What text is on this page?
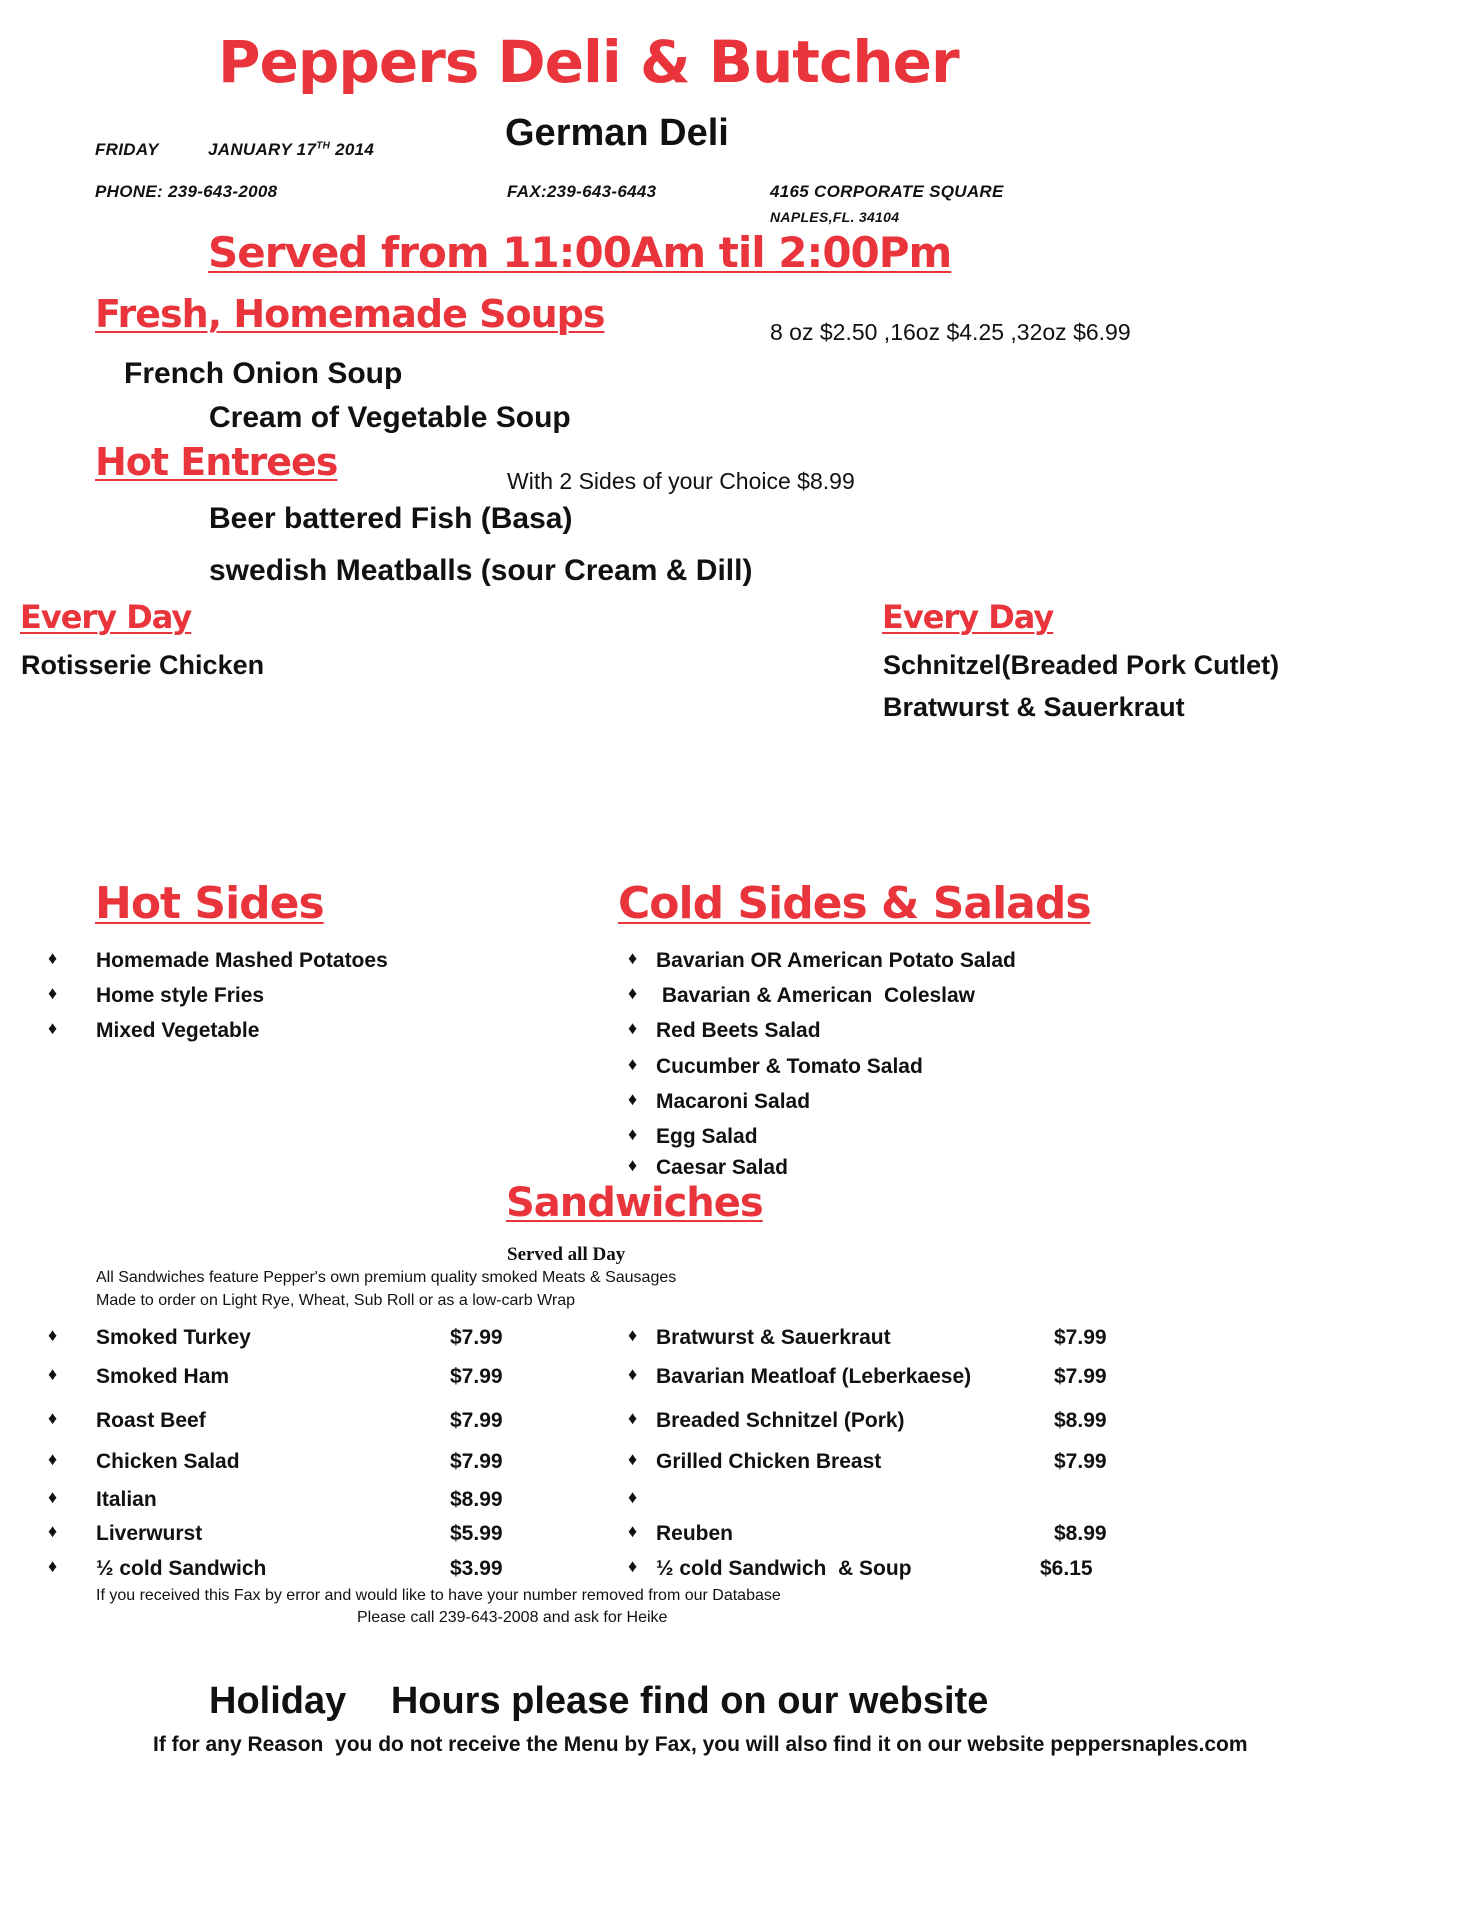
Peppers Deli & Butcher
German Deli
FRIDAY	JANUARY 17TH 2014
PHONE: 239-643-2008	FAX:239-643-6443	4165 CORPORATE SQUARE
NAPLES,FL. 34104
Served from 11:00Am til 2:00Pm
Fresh, Homemade Soups	8 oz $2.50 ,16oz $4.25 ,32oz $6.99
French Onion Soup
Cream of Vegetable Soup
Hot Entrees	With 2 Sides of your Choice $8.99
Beer battered Fish (Basa)
swedish Meatballs (sour Cream & Dill)
Every Day
Rotisserie Chicken
Every Day
Schnitzel(Breaded Pork Cutlet)
Bratwurst & Sauerkraut
Hot Sides
♦ Homemade Mashed Potatoes
♦ Home style Fries
♦ Mixed Vegetable
Cold Sides & Salads
♦ Bavarian OR American Potato Salad
♦ Bavarian & American  Coleslaw
♦ Red Beets Salad
♦ Cucumber & Tomato Salad
♦ Macaroni Salad
♦ Egg Salad
♦ Caesar Salad
Sandwiches
Served all Day
All Sandwiches feature Pepper's own premium quality smoked Meats & Sausages
Made to order on Light Rye, Wheat, Sub Roll or as a low-carb Wrap
♦ Smoked Turkey	$7.99
♦ Smoked Ham	$7.99
♦ Roast Beef	$7.99
♦ Chicken Salad	$7.99
♦ Italian	$8.99
♦ Liverwurst	$5.99
♦ ½ cold Sandwich	$3.99
♦ Bratwurst & Sauerkraut	$7.99
♦ Bavarian Meatloaf (Leberkaese)	$7.99
♦ Breaded Schnitzel (Pork)	$8.99
♦ Grilled Chicken Breast	$7.99
♦
♦ Reuben	$8.99
♦ ½ cold Sandwich  & Soup	$6.15
If you received this Fax by error and would like to have your number removed from our Database
Please call 239-643-2008 and ask for Heike
Holiday Hours please find on our website
If for any Reason  you do not receive the Menu by Fax, you will also find it on our website peppersnaples.com
